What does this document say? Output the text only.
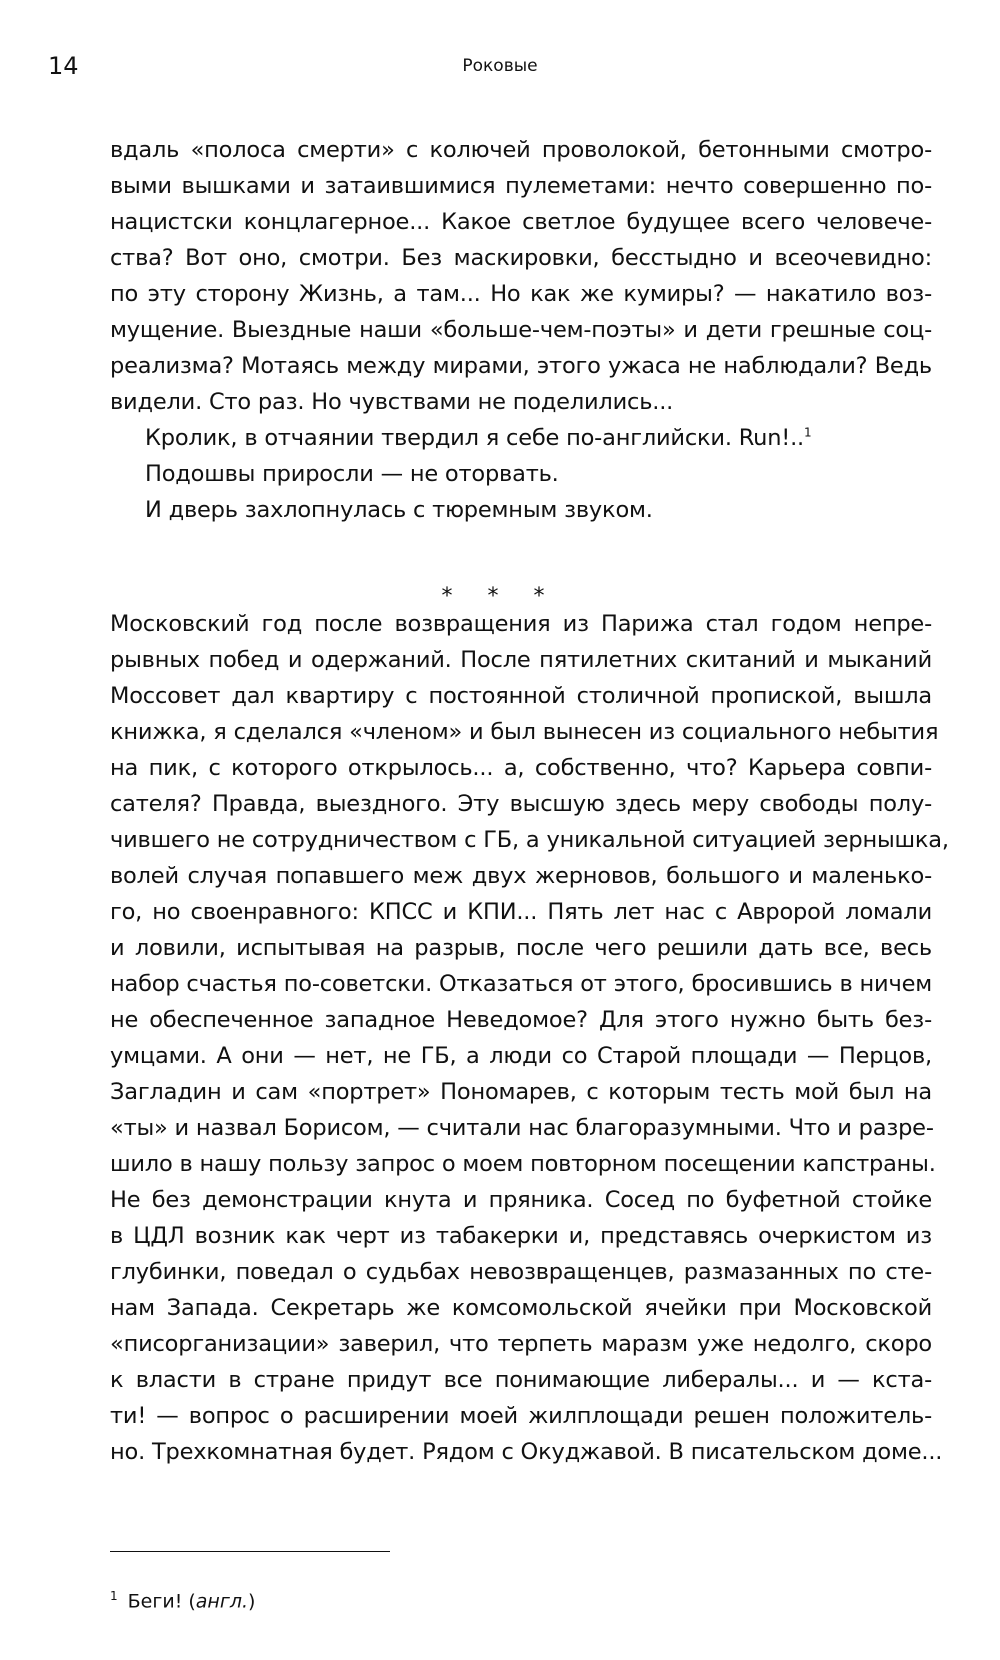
14	Роковые
вдаль «полоса смерти» с колючей проволокой, бетонными смотро-
выми вышками и затаившимися пулеметами: нечто совершенно по-
нацистски концлагерное... Какое светлое будущее всего человече-
ства? Вот оно, смотри. Без маскировки, бесстыдно и всеочевидно:
по эту сторону Жизнь, а там... Но как же кумиры? — накатило воз-
мущение. Выездные наши «больше-чем-поэты» и дети грешные соц-
реализма? Мотаясь между мирами, этого ужаса не наблюдали? Ведь
видели. Сто раз. Но чувствами не поделились...
Кролик, в отчаянии твердил я себе по-английски. Run!..$^1$
Подошвы приросли — не оторвать.
И дверь захлопнулась с тюремным звуком.
* * *
Московский год после возвращения из Парижа стал годом непре-
рывных побед и одержаний. После пятилетних скитаний и мыканий
Моссовет дал квартиру с постоянной столичной пропиской, вышла
книжка, я сделался «членом» и был вынесен из социального небытия
на пик, с которого открылось... а, собственно, что? Карьера совпи-
сателя? Правда, выездного. Эту высшую здесь меру свободы полу-
чившего не сотрудничеством с ГБ, а уникальной ситуацией зернышка,
волей случая попавшего меж двух жерновов, большого и маленько-
го, но своенравного: КПСС и КПИ... Пять лет нас с Авророй ломали
и ловили, испытывая на разрыв, после чего решили дать все, весь
набор счастья по-советски. Отказаться от этого, бросившись в ничем
не обеспеченное западное Неведомое? Для этого нужно быть без-
умцами. А они — нет, не ГБ, а люди со Старой площади — Перцов,
Загладин и сам «портрет» Пономарев, с которым тесть мой был на
«ты» и назвал Борисом, — считали нас благоразумными. Что и разре-
шило в нашу пользу запрос о моем повторном посещении капстраны.
Не без демонстрации кнута и пряника. Сосед по буфетной стойке
в ЦДЛ возник как черт из табакерки и, представясь очеркистом из
глубинки, поведал о судьбах невозвращенцев, размазанных по сте-
нам Запада. Секретарь же комсомольской ячейки при Московской
«писорганизации» заверил, что терпеть маразм уже недолго, скоро
к власти в стране придут все понимающие либералы... и — кста-
ти! — вопрос о расширении моей жилплощади решен положитель-
но. Трехкомнатная будет. Рядом с Окуджавой. В писательском доме...
$^1$ Беги! (англ.)
